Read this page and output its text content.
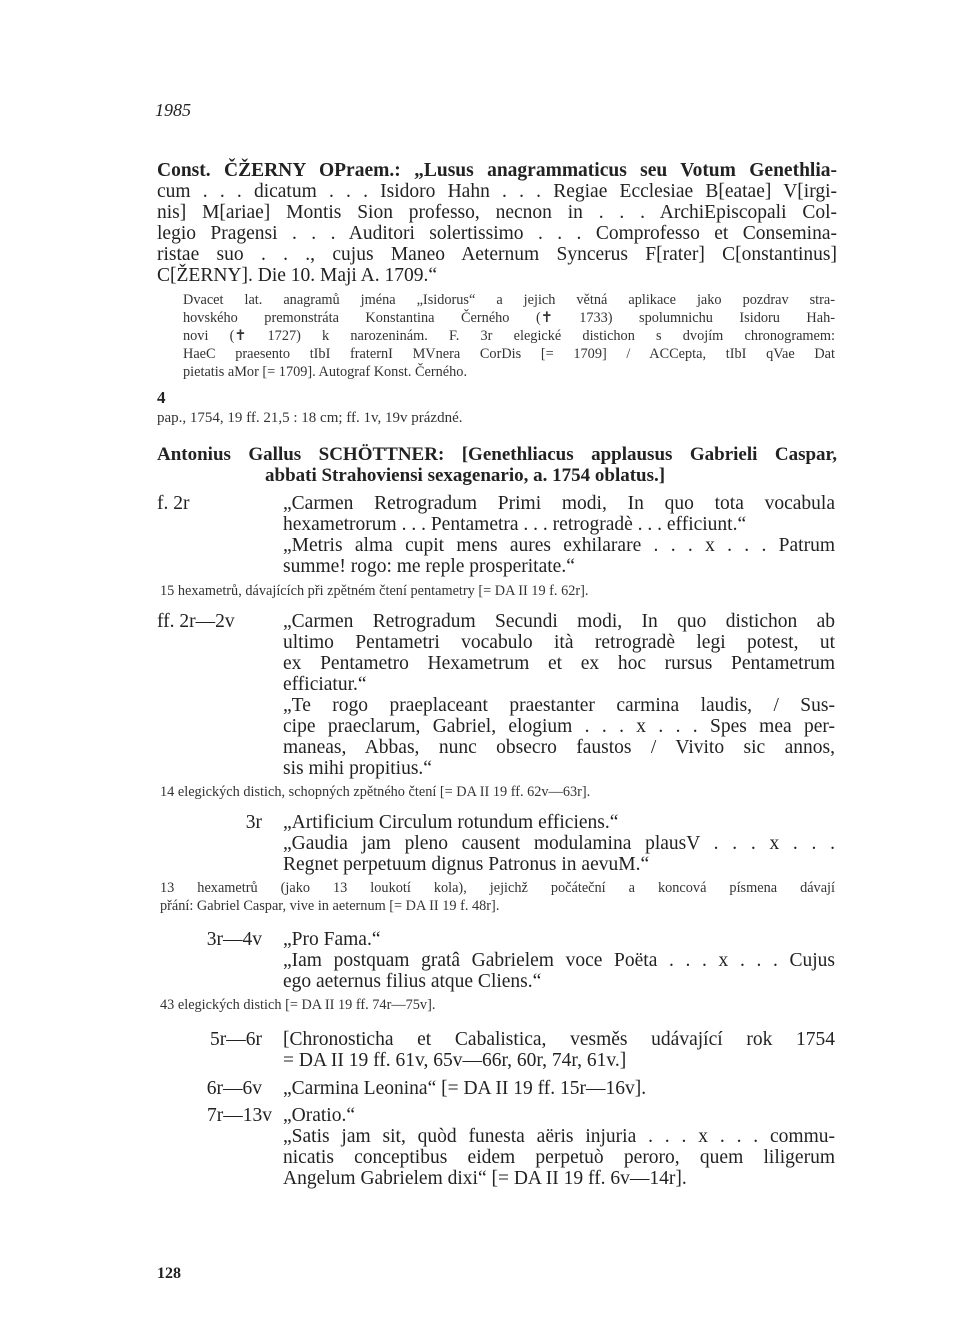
1985
Const. ČŽERNY OPraem.: „Lusus anagrammaticus seu Votum Genethlia-
cum . . . dicatum . . . Isidoro Hahn . . . Regiae Ecclesiae B[eatae] V[irgi-
nis] M[ariae] Montis Sion professo, necnon in . . . ArchiEpiscopali Col-
legio Pragensi . . . Auditori solertissimo . . . Comprofesso et Consemina-
ristae suo . . ., cujus Maneo Aeternum Syncerus F[rater] C[onstantinus]
C[ŽERNY]. Die 10. Maji A. 1709.“
Dvacet lat. anagramů jména „Isidorus“ a jejich větná aplikace jako pozdrav stra-
hovského premonstráta Konstantina Černého (✝ 1733) spolumnichu Isidoru Hah-
novi (✝ 1727) k narozeninám. F. 3r elegické distichon s dvojím chronogramem:
HaeC praesento tIbI fraternI MVnera CorDis [= 1709] / ACCepta, tIbI qVae Dat
pietatis aMor [= 1709]. Autograf Konst. Černého.
4
pap., 1754, 19 ff. 21,5 : 18 cm; ff. 1v, 19v prázdné.
Antonius Gallus SCHÖTTNER: [Genethliacus applausus Gabrieli Caspar,
abbati Strahoviensi sexagenario, a. 1754 oblatus.]
f. 2r	„Carmen Retrogradum Primi modi, In quo tota vocabula
hexametrorum . . . Pentametra . . . retrogradè . . . efficiunt.“
„Metris alma cupit mens aures exhilarare . . . x . . . Patrum
summe! rogo: me reple prosperitate.“
15 hexametrů, dávajících při zpětném čtení pentametry [= DA II 19 f. 62r].
ff. 2r—2v „Carmen Retrogradum Secundi modi, In quo distichon ab
ultimo Pentametri vocabulo ità retrogradè legi potest, ut
ex Pentametro Hexametrum et ex hoc rursus Pentametrum
efficiatur.“
„Te rogo praeplaceant praestanter carmina laudis, / Sus-
cipe praeclarum, Gabriel, elogium . . . x . . . Spes mea per-
maneas, Abbas, nunc obsecro faustos / Vivito sic annos,
sis mihi propitius.“
14 elegických distich, schopných zpětného čtení [= DA II 19 ff. 62v—63r].
3r „Artificium Circulum rotundum efficiens.“
„Gaudia jam pleno causent modulamina plausV . . . x . . .
Regnet perpetuum dignus Patronus in aevuM.“
13 hexametrů (jako 13 loukotí kola), jejichž počáteční a koncová písmena dávají
přání: Gabriel Caspar, vive in aeternum [= DA II 19 f. 48r].
3r—4v „Pro Fama.“
„Iam postquam gratâ Gabrielem voce Poëta . . . x . . . Cujus
ego aeternus filius atque Cliens.“
43 elegických distich [= DA II 19 ff. 74r—75v].
5r—6r [Chronosticha et Cabalistica, vesměs udávající rok 1754
= DA II 19 ff. 61v, 65v—66r, 60r, 74r, 61v.]
6r—6v „Carmina Leonina“ [= DA II 19 ff. 15r—16v].
7r—13v „Oratio.“
„Satis jam sit, quòd funesta aëris injuria . . . x . . . commu-
nicatis conceptibus eidem perpetuò peroro, quem liligerum
Angelum Gabrielem dixi“ [= DA II 19 ff. 6v—14r].
128
